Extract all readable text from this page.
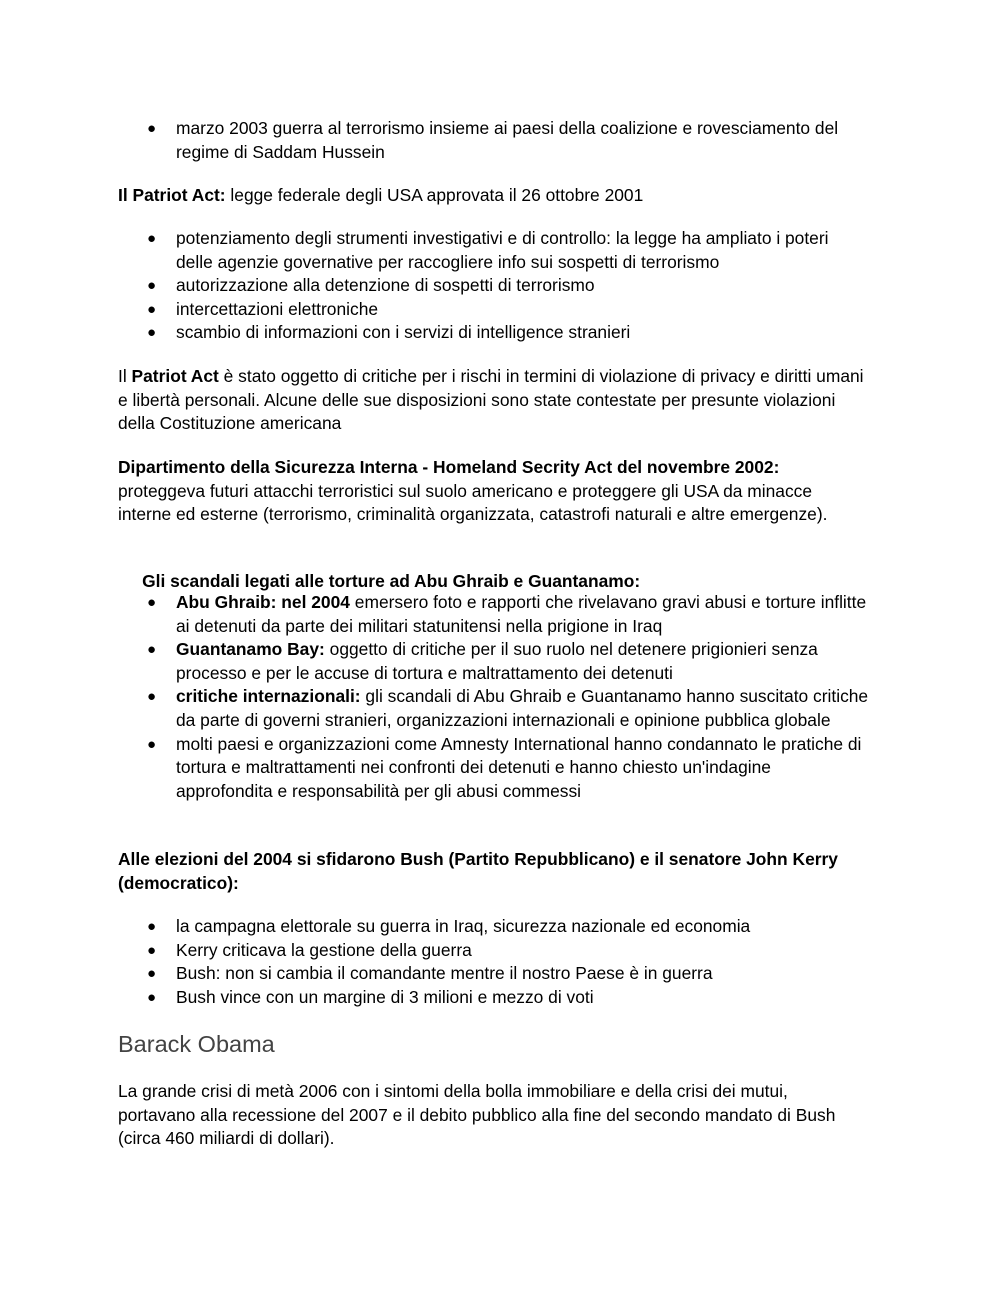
● marzo 2003 guerra al terrorismo insieme ai paesi della coalizione e rovesciamento del regime di Saddam Hussein

Il Patriot Act: legge federale degli USA approvata il 26 ottobre 2001

● potenziamento degli strumenti investigativi e di controllo: la legge ha ampliato i poteri delle agenzie governative per raccogliere info sui sospetti di terrorismo
● autorizzazione alla detenzione di sospetti di terrorismo
● intercettazioni elettroniche
● scambio di informazioni con i servizi di intelligence stranieri

Il Patriot Act è stato oggetto di critiche per i rischi in termini di violazione di privacy e diritti umani e libertà personali. Alcune delle sue disposizioni sono state contestate per presunte violazioni della Costituzione americana

Dipartimento della Sicurezza Interna - Homeland Secrity Act del novembre 2002:

proteggeva futuri attacchi terroristici sul suolo americano e proteggere gli USA da minacce interne ed esterne (terrorismo, criminalità organizzata, catastrofi naturali e altre emergenze).

Gli scandali legati alle torture ad Abu Ghraib e Guantanamo:

● Abu Ghraib: nel 2004 emersero foto e rapporti che rivelavano gravi abusi e torture inflitte ai detenuti da parte dei militari statunitensi nella prigione in Iraq
● Guantanamo Bay: oggetto di critiche per il suo ruolo nel detenere prigionieri senza processo e per le accuse di tortura e maltrattamento dei detenuti
● critiche internazionali: gli scandali di Abu Ghraib e Guantanamo hanno suscitato critiche da parte di governi stranieri, organizzazioni internazionali e opinione pubblica globale
● molti paesi e organizzazioni come Amnesty International hanno condannato le pratiche di tortura e maltrattamenti nei confronti dei detenuti e hanno chiesto un'indagine approfondita e responsabilità per gli abusi commessi

Alle elezioni del 2004 si sfidarono Bush (Partito Repubblicano) e il senatore John Kerry (democratico):

● la campagna elettorale su guerra in Iraq, sicurezza nazionale ed economia
● Kerry criticava la gestione della guerra
● Bush: non si cambia il comandante mentre il nostro Paese è in guerra
● Bush vince con un margine di 3 milioni e mezzo di voti

Barack Obama

La grande crisi di metà 2006 con i sintomi della bolla immobiliare e della crisi dei mutui, portavano alla recessione del 2007 e il debito pubblico alla fine del secondo mandato di Bush (circa 460 miliardi di dollari).
